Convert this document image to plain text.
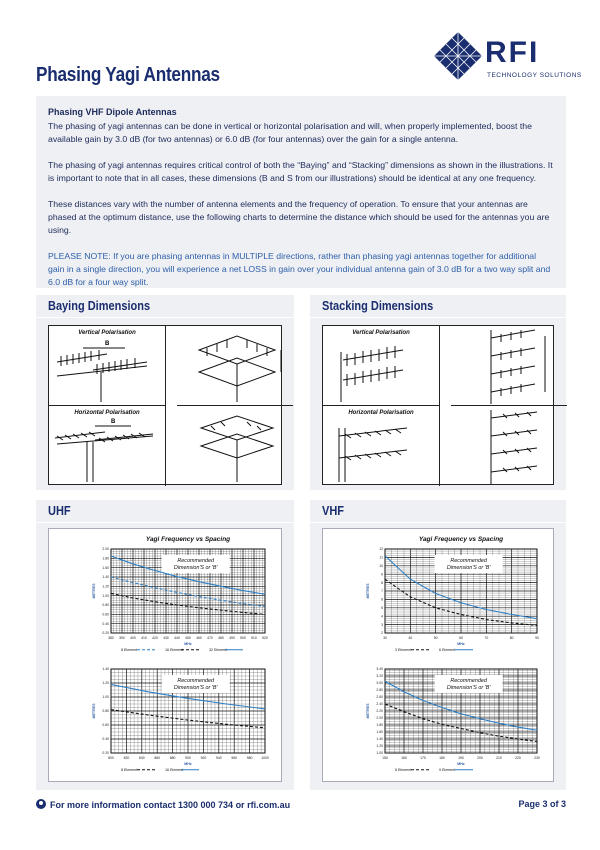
Phasing Yagi Antennas
RFI
TECHNOLOGY SOLUTIONS
Phasing VHF Dipole Antennas

The phasing of yagi antennas can be done in vertical or horizontal polarisation and will, when properly implemented, boost the available gain by 3.0 dB (for two antennas) or 6.0 dB (for four antennas) over the gain for a single antenna.

The phasing of yagi antennas requires critical control of both the “Baying” and “Stacking” dimensions as shown in the illustrations. It is important to note that in all cases, these dimensions (B and S from our illustrations) should be identical at any one frequency.

These distances vary with the number of antenna elements and the frequency of operation. To ensure that your antennas are phased at the optimum distance, use the following charts to determine the distance which should be used for the antennas you are using.

PLEASE NOTE: If you are phasing antennas in MULTIPLE directions, rather than phasing yagi antennas together for additional gain in a single direction, you will experience a net LOSS in gain over your individual antenna gain of 3.0 dB for a two way split and 6.0 dB for a four way split.

Baying Dimensions
Vertical Polarisation
B
Horizontal Polarisation
B
Stacking Dimensions
Vertical Polarisation
Horizontal Polarisation
UHF
Yagi Frequency vs Spacing
380 390 400 410 420 430 440 450 460 470 480 490 500 510 520
0.20
0.40
0.60
0.80
1.00
1.20
1.40
1.60
1.80
2.00
Recommended
Dimension'S or 'B'
METRES
MHz
8 Element	16 Element	32 Element
800	820	840	860	880	900	920	940	960	980	1000
0.20
0.40
0.60
0.80
1.00
1.20
1.40
Recommended
Dimension'S or 'B'
METRES
MHz
8 Element	16 Element
VHF
Yagi Frequency vs Spacing
30	40	50	60	70	80	90
2
3
4
5
6
7
8
9
10
11
12
Recommended
Dimension'S or 'B'
METRES
MHz
3 Element	6 Element
150	160	170	180	190	200	210	220	230
1.00
1.20
1.40
1.60
1.80
2.00
2.20
2.40
2.60
2.80
3.00
3.20
3.40
Recommended
Dimension'S or 'B'
METRES
MHz
6 Element	9 Element
For more information contact 1300 000 734 or rfi.com.au	Page 3 of 3
